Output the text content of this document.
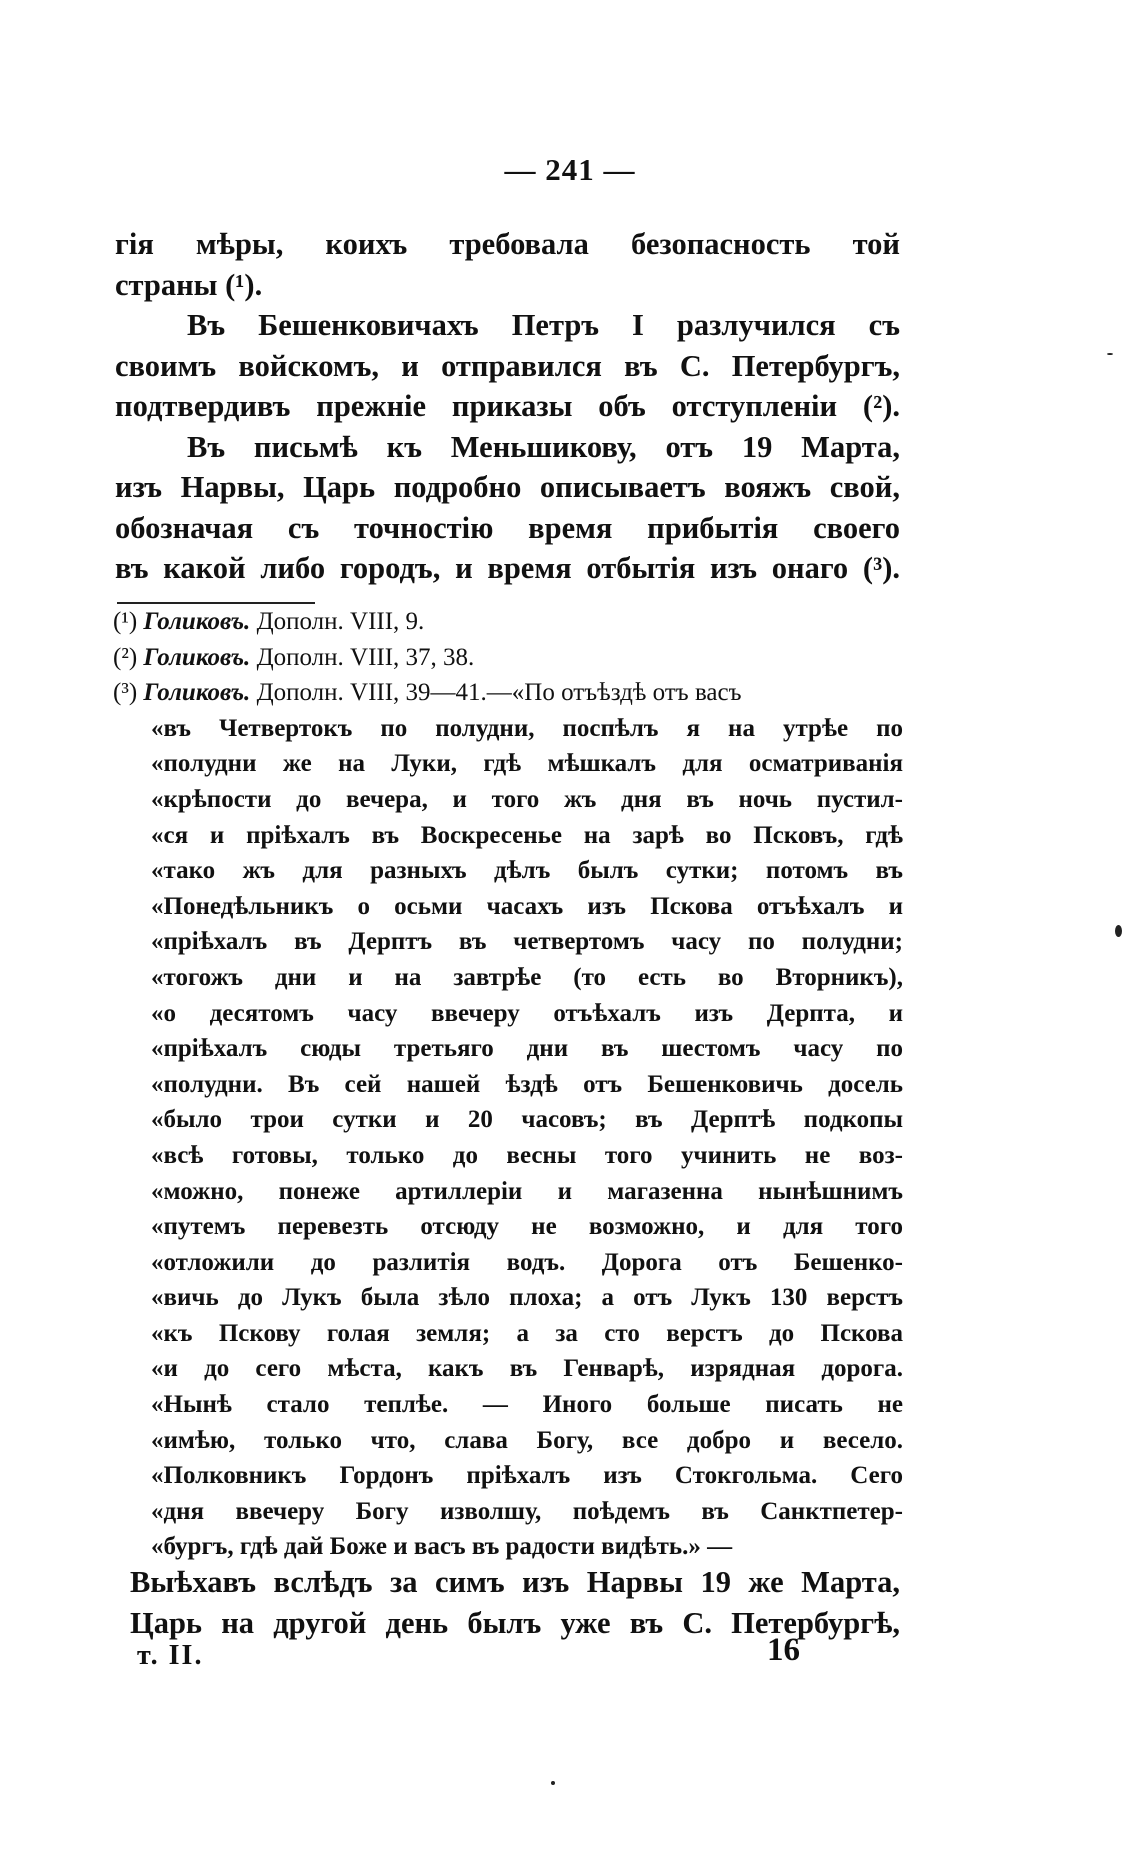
— 241 —
гія мѣры, коихъ требовала безопасность той
страны (¹).
Въ Бешенковичахъ Петръ I разлучился съ
своимъ войскомъ, и отправился въ С. Петербургъ,
подтвердивъ прежніе приказы объ отступленіи (²).
Въ письмѣ къ Меньшикову, отъ 19 Марта,
изъ Нарвы, Царь подробно описываетъ вояжъ свой,
обозначая съ точностію время прибытія своего
въ какой либо городъ, и время отбытія изъ онаго (³).
(¹) Голиковъ. Дополн. VIII, 9.
(²) Голиковъ. Дополн. VIII, 37, 38.
(³) Голиковъ. Дополн. VIII, 39—41.—«По отъѣздѣ отъ васъ
«въ Четвертокъ по полудни, поспѣлъ я на утрѣе по
«полудни же на Луки, гдѣ мѣшкалъ для осматриванія
«крѣпости до вечера, и того жъ дня въ ночь пустил-
«ся и пріѣхалъ въ Воскресенье на зарѣ во Псковъ, гдѣ
«тако жъ для разныхъ дѣлъ былъ сутки; потомъ въ
«Понедѣльникъ о осьми часахъ изъ Пскова отъѣхалъ и
«пріѣхалъ въ Дерптъ въ четвертомъ часу по полудни;
«тогожъ дни и на завтрѣе (то есть во Вторникъ),
«о десятомъ часу ввечеру отъѣхалъ изъ Дерпта, и
«пріѣхалъ сюды третьяго дни въ шестомъ часу по
«полудни. Въ сей нашей ѣздѣ отъ Бешенковичь досель
«было трои сутки и 20 часовъ; въ Дерптѣ подкопы
«всѣ готовы, только до весны того учинить не воз-
«можно, понеже артиллеріи и магазенна нынѣшнимъ
«путемъ перевезть отсюду не возможно, и для того
«отложили до разлитія водъ. Дорога отъ Бешенко-
«вичь до Лукъ была зѣло плоха; а отъ Лукъ 130 верстъ
«къ Пскову голая земля; а за сто верстъ до Пскова
«и до сего мѣста, какъ въ Генварѣ, изрядная дорога.
«Нынѣ стало теплѣе. — Иного больше писать не
«имѣю, только что, слава Богу, все добро и весело.
«Полковникъ Гордонъ пріѣхалъ изъ Стокгольма. Сего
«дня ввечеру Богу изволшу, поѣдемъ въ Санктпетер-
«бургъ, гдѣ дай Боже и васъ въ радости видѣть.» —
Выѣхавъ вслѣдъ за симъ изъ Нарвы 19 же Марта,
Царь на другой день былъ уже въ С. Петербургѣ,
т. II.	16
